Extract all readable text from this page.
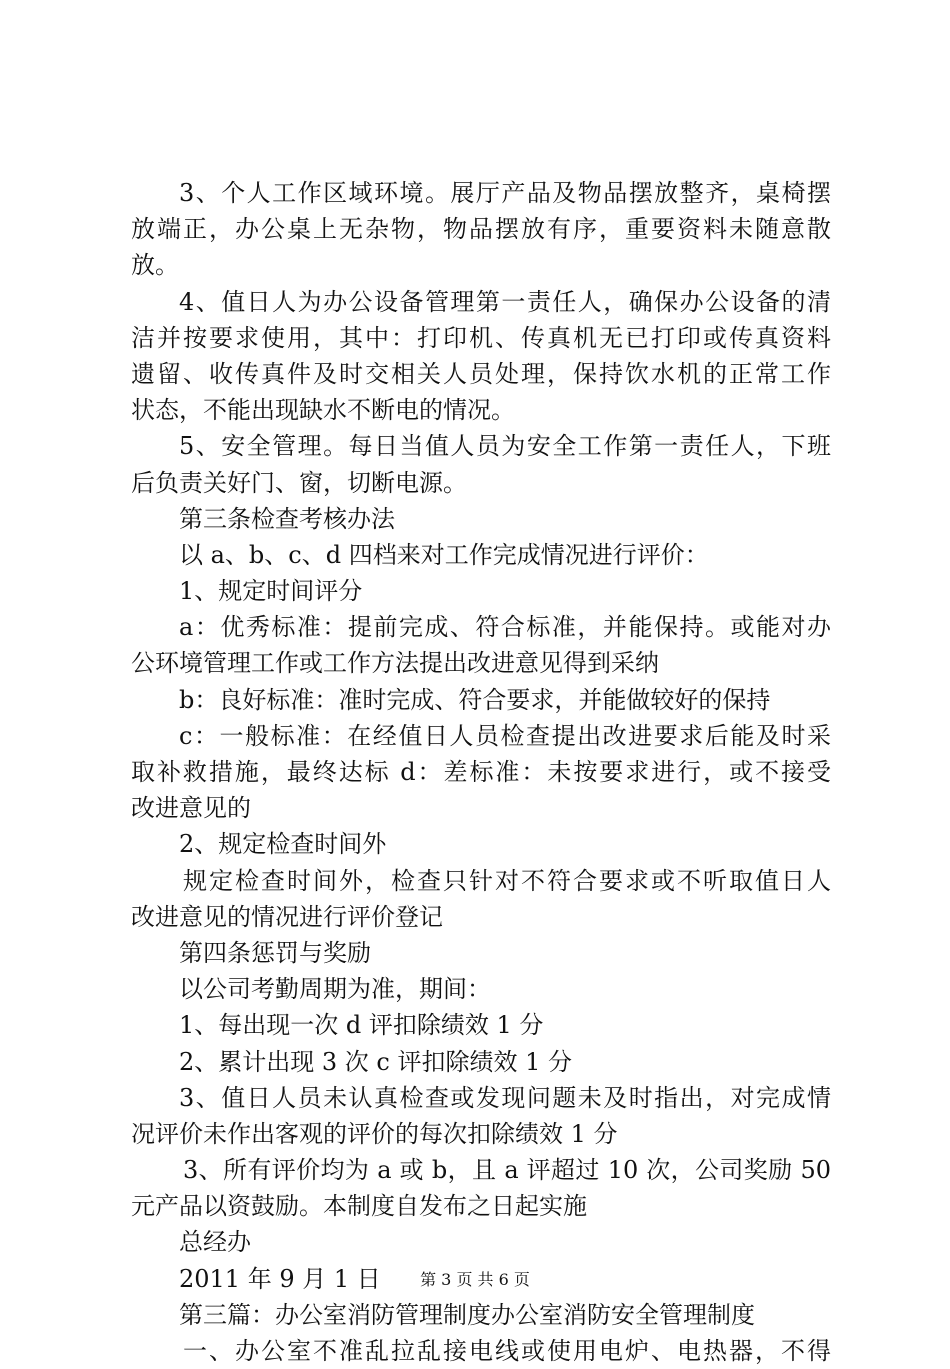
3、个人工作区域环境。展厅产品及物品摆放整齐，桌椅摆
放端正，办公桌上无杂物，物品摆放有序，重要资料未随意散
放。
4、值日人为办公设备管理第一责任人，确保办公设备的清
洁并按要求使用，其中：打印机、传真机无已打印或传真资料
遗留、收传真件及时交相关人员处理，保持饮水机的正常工作
状态，不能出现缺水不断电的情况。
5、安全管理。每日当值人员为安全工作第一责任人，下班
后负责关好门、窗，切断电源。
第三条检查考核办法
以 a、b、c、d 四档来对工作完成情况进行评价：
1、规定时间评分
a：优秀标准：提前完成、符合标准，并能保持。或能对办
公环境管理工作或工作方法提出改进意见得到采纳
b：良好标准：准时完成、符合要求，并能做较好的保持
c：一般标准：在经值日人员检查提出改进要求后能及时采
取补救措施，最终达标 d：差标准：未按要求进行，或不接受
改进意见的
2、规定检查时间外
规定检查时间外，检查只针对不符合要求或不听取值日人
改进意见的情况进行评价登记
第四条惩罚与奖励
以公司考勤周期为准，期间：
1、每出现一次 d 评扣除绩效 1 分
2、累计出现 3 次 c 评扣除绩效 1 分
3、值日人员未认真检查或发现问题未及时指出，对完成情
况评价未作出客观的评价的每次扣除绩效 1 分
3、所有评价均为 a 或 b，且 a 评超过 10 次，公司奖励 50
元产品以资鼓励。本制度自发布之日起实施
总经办
2011 年 9 月 1 日
第三篇：办公室消防管理制度办公室消防安全管理制度
一、办公室不准乱拉乱接电线或使用电炉、电热器，不得
第 3 页 共 6 页
